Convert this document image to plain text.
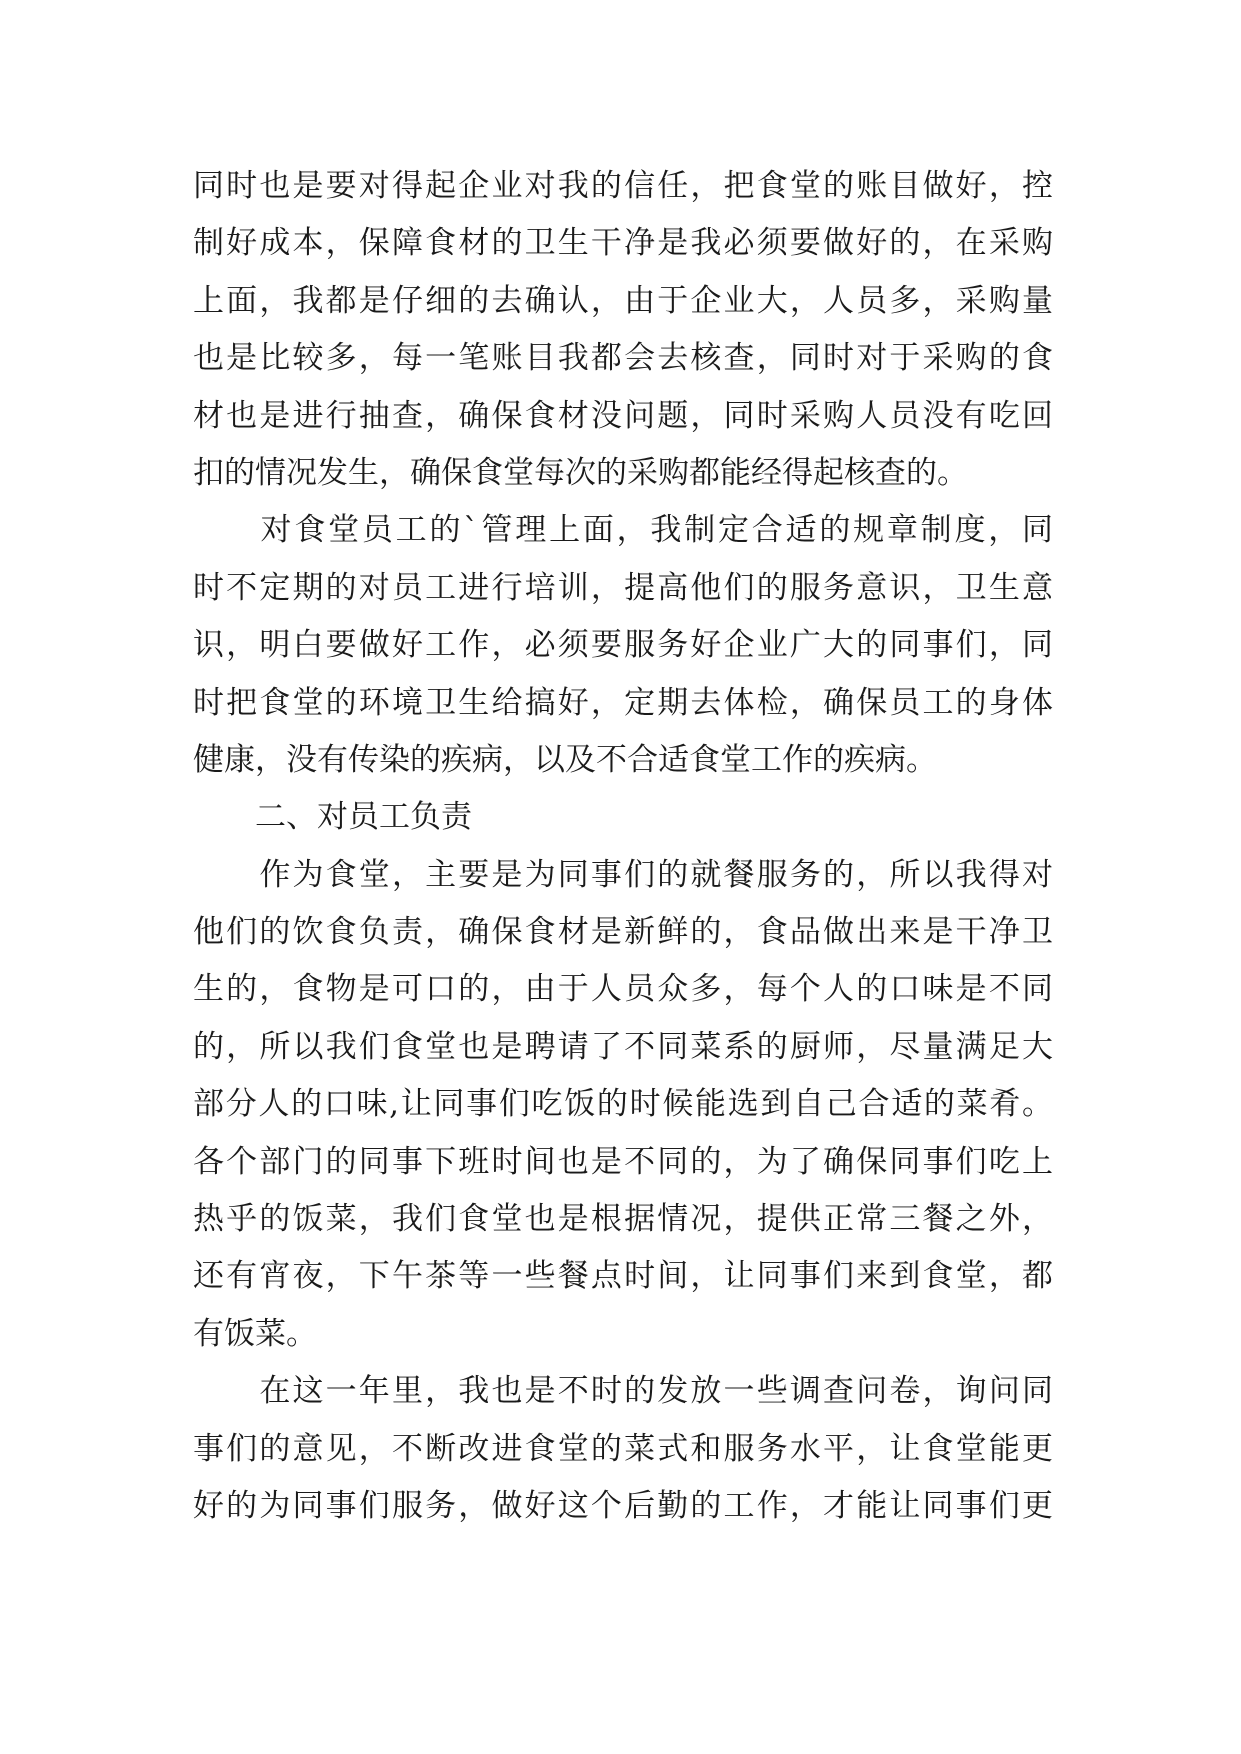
同时也是要对得起企业对我的信任，把食堂的账目做好，控
制好成本，保障食材的卫生干净是我必须要做好的，在采购
上面，我都是仔细的去确认，由于企业大，人员多，采购量
也是比较多，每一笔账目我都会去核查，同时对于采购的食
材也是进行抽查，确保食材没问题，同时采购人员没有吃回
扣的情况发生，确保食堂每次的采购都能经得起核查的。
　　对食堂员工的`管理上面，我制定合适的规章制度，同
时不定期的对员工进行培训，提高他们的服务意识，卫生意
识，明白要做好工作，必须要服务好企业广大的同事们，同
时把食堂的环境卫生给搞好，定期去体检，确保员工的身体
健康，没有传染的疾病，以及不合适食堂工作的疾病。
　　二、对员工负责
　　作为食堂，主要是为同事们的就餐服务的，所以我得对
他们的饮食负责，确保食材是新鲜的，食品做出来是干净卫
生的，食物是可口的，由于人员众多，每个人的口味是不同
的，所以我们食堂也是聘请了不同菜系的厨师，尽量满足大
部分人的口味,让同事们吃饭的时候能选到自己合适的菜肴。
各个部门的同事下班时间也是不同的，为了确保同事们吃上
热乎的饭菜，我们食堂也是根据情况，提供正常三餐之外，
还有宵夜，下午茶等一些餐点时间，让同事们来到食堂，都
有饭菜。
　　在这一年里，我也是不时的发放一些调查问卷，询问同
事们的意见，不断改进食堂的菜式和服务水平，让食堂能更
好的为同事们服务，做好这个后勤的工作，才能让同事们更
